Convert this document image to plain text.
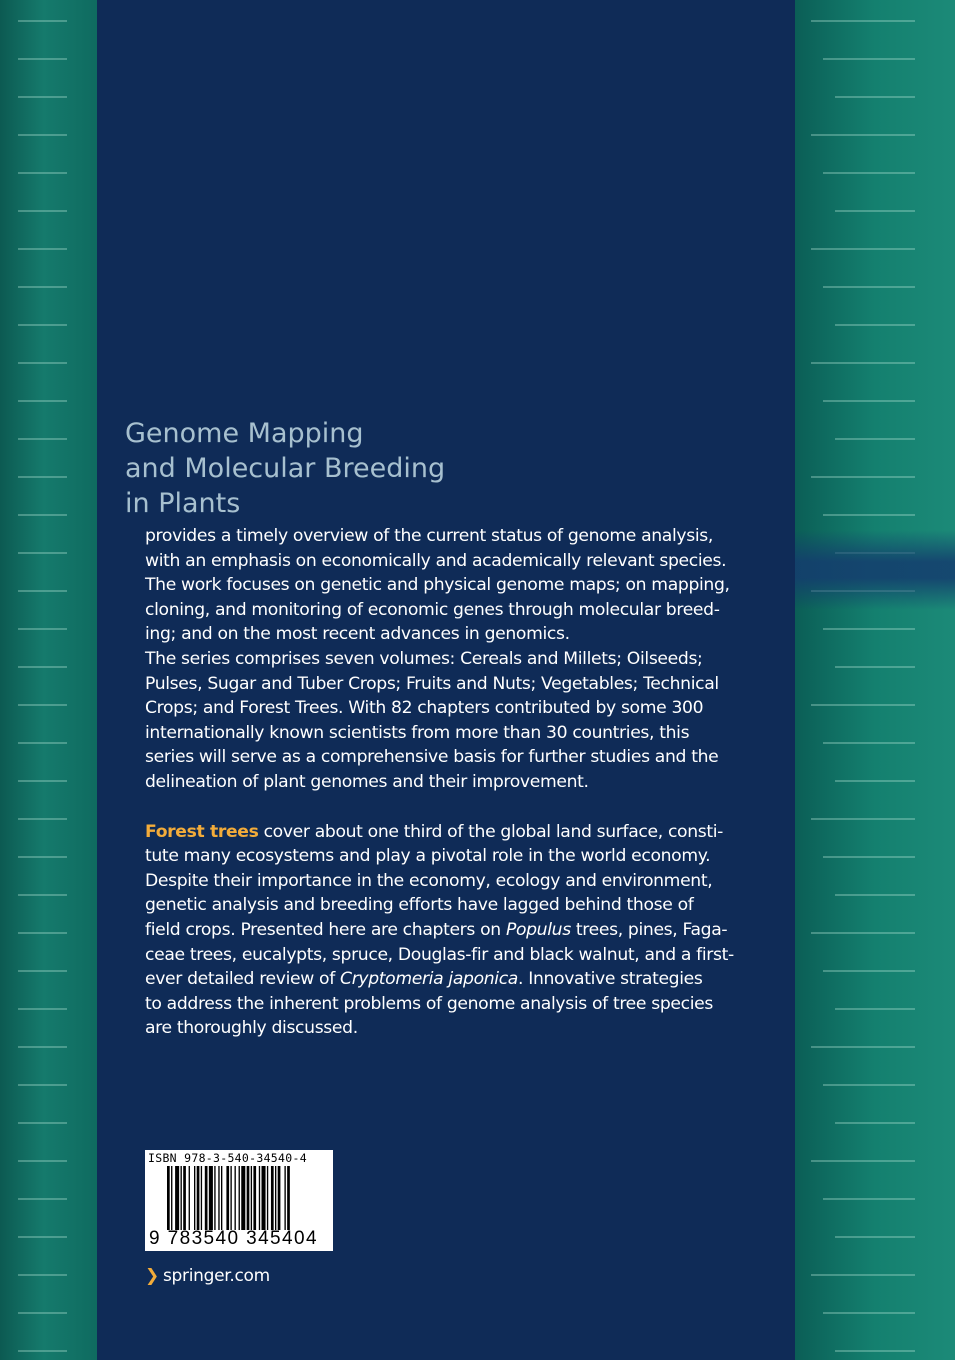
Genome Mapping
and Molecular Breeding
in Plants

provides a timely overview of the current status of genome analysis,
with an emphasis on economically and academically relevant species.
The work focuses on genetic and physical genome maps; on mapping,
cloning, and monitoring of economic genes through molecular breed-
ing; and on the most recent advances in genomics.

The series comprises seven volumes: Cereals and Millets; Oilseeds;
Pulses, Sugar and Tuber Crops; Fruits and Nuts; Vegetables; Technical
Crops; and Forest Trees. With 82 chapters contributed by some 300
internationally known scientists from more than 30 countries, this
series will serve as a comprehensive basis for further studies and the
delineation of plant genomes and their improvement.

Forest trees cover about one third of the global land surface, consti-
tute many ecosystems and play a pivotal role in the world economy.
Despite their importance in the economy, ecology and environment,
genetic analysis and breeding efforts have lagged behind those of
field crops. Presented here are chapters on Populus trees, pines, Faga-
ceae trees, eucalypts, spruce, Douglas-fir and black walnut, and a first-
ever detailed review of Cryptomeria japonica. Innovative strategies
to address the inherent problems of genome analysis of tree species
are thoroughly discussed.

ISBN 978-3-540-34540-4
9 783540 345404
❯ springer.com
